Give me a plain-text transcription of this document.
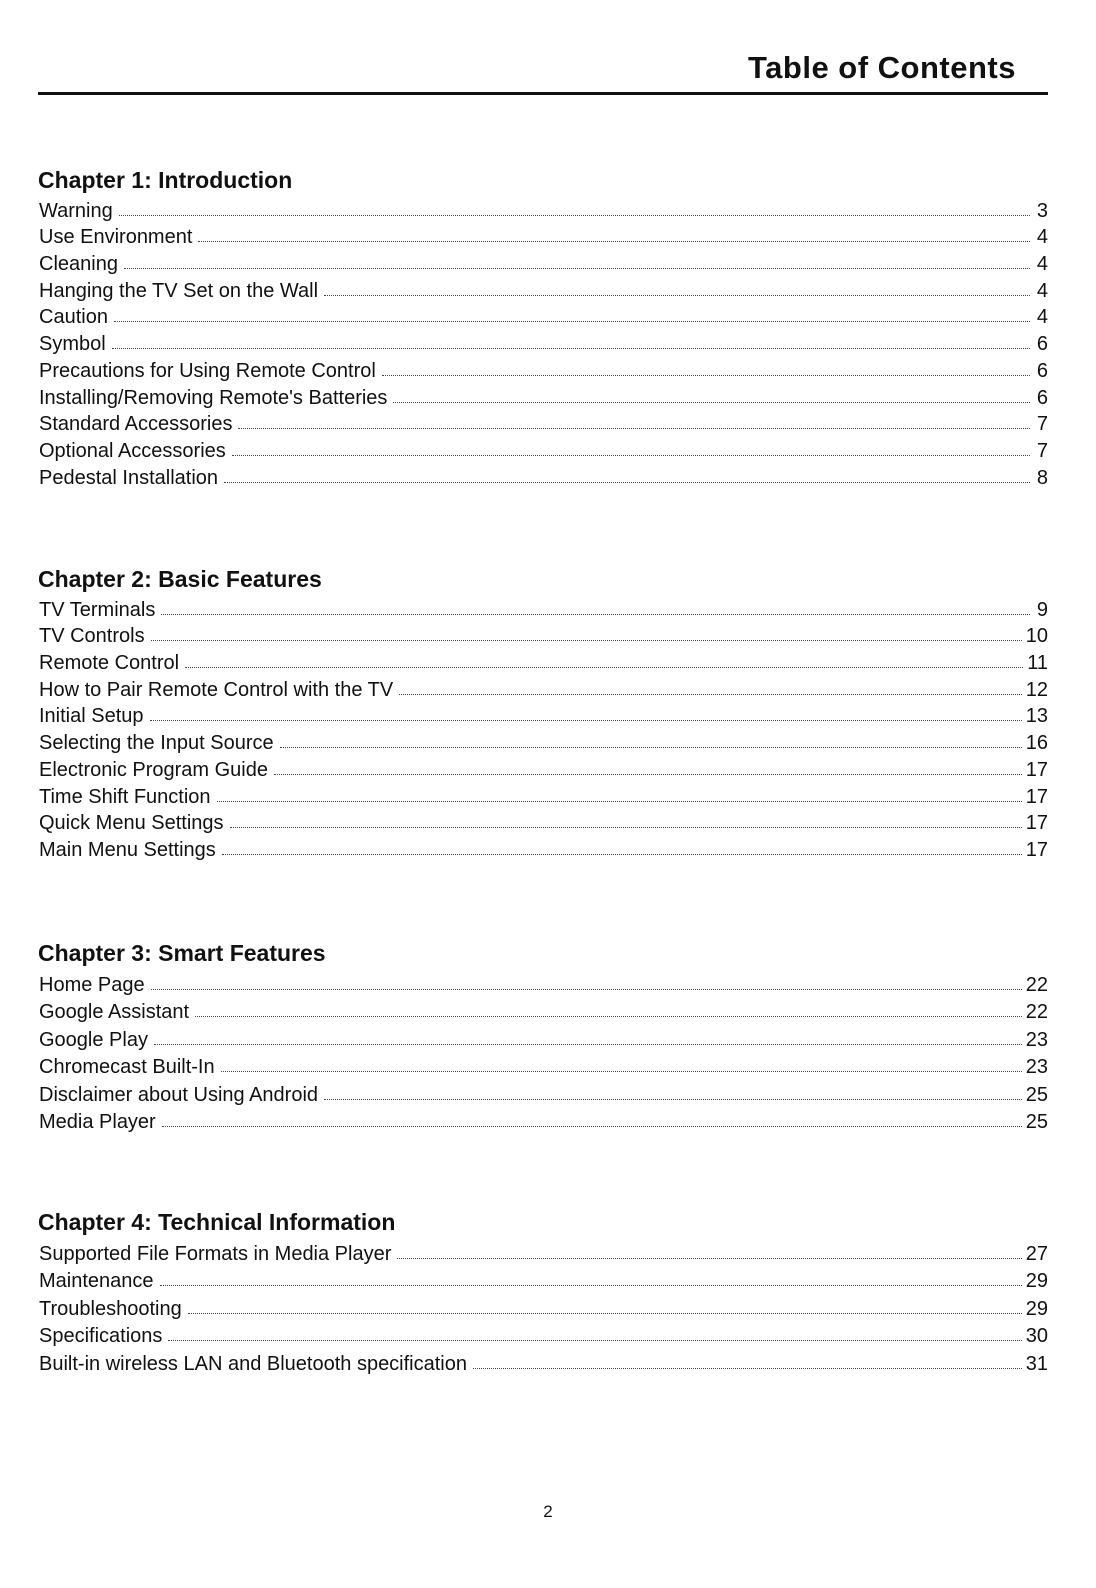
Table of Contents
Chapter 1: Introduction
Warning	3
Use Environment	4
Cleaning	4
Hanging the TV Set on the Wall	4
Caution	4
Symbol	6
Precautions for Using Remote Control	6
Installing/Removing Remote's Batteries	6
Standard Accessories	7
Optional Accessories	7
Pedestal Installation	8
Chapter 2: Basic Features
TV Terminals	9
TV Controls	10
Remote Control	11
How to Pair Remote Control with the TV	12
Initial Setup	13
Selecting the Input Source	16
Electronic Program Guide	17
Time Shift Function	17
Quick Menu Settings	17
Main Menu Settings	17
Chapter 3: Smart Features
Home Page	22
Google Assistant	22
Google Play	23
Chromecast Built-In	23
Disclaimer about Using Android	25
Media Player	25
Chapter 4: Technical Information
Supported File Formats in Media Player	27
Maintenance	29
Troubleshooting	29
Specifications	30
Built-in wireless LAN and Bluetooth specification	31
2
